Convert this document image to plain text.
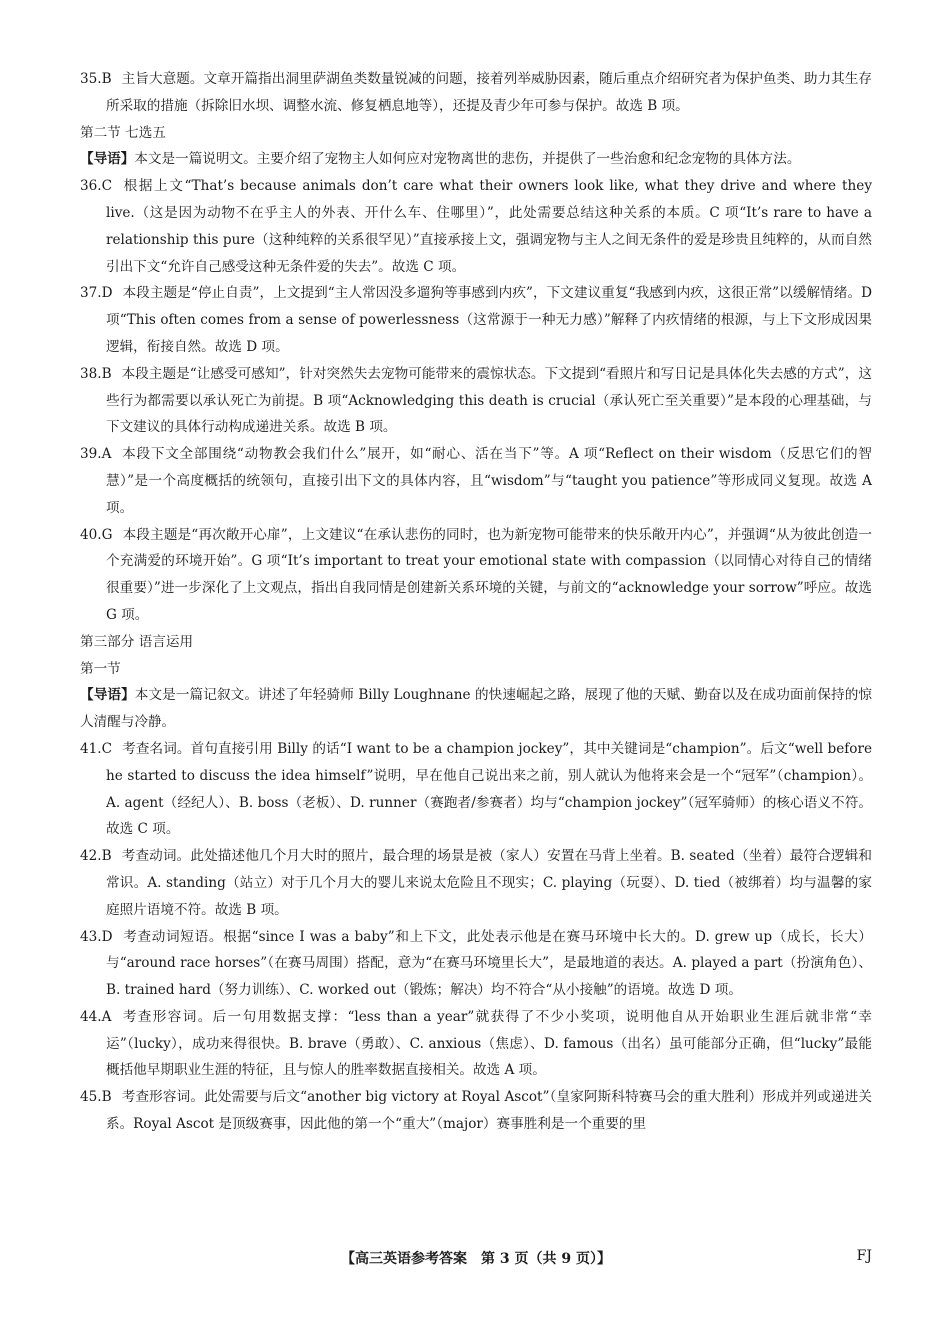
35.B 主旨大意题。文章开篇指出洞里萨湖鱼类数量锐减的问题，接着列举威胁因素，随后重点介绍研究者为保护鱼类、助力其生存所采取的措施（拆除旧水坝、调整水流、修复栖息地等），还提及青少年可参与保护。故选 B 项。

第二节 七选五

【导语】本文是一篇说明文。主要介绍了宠物主人如何应对宠物离世的悲伤，并提供了一些治愈和纪念宠物的具体方法。

36.C 根据上文“That’s because animals don’t care what their owners look like, what they drive and where they live.（这是因为动物不在乎主人的外表、开什么车、住哪里）”，此处需要总结这种关系的本质。C 项“It’s rare to have a relationship this pure（这种纯粹的关系很罕见）”直接承接上文，强调宠物与主人之间无条件的爱是珍贵且纯粹的，从而自然引出下文“允许自己感受这种无条件爱的失去”。故选 C 项。

37.D 本段主题是“停止自责”，上文提到“主人常因没多遛狗等事感到内疚”，下文建议重复“我感到内疚，这很正常”以缓解情绪。D 项“This often comes from a sense of powerlessness（这常源于一种无力感）”解释了内疚情绪的根源，与上下文形成因果逻辑，衔接自然。故选 D 项。

38.B 本段主题是“让感受可感知”，针对突然失去宠物可能带来的震惊状态。下文提到“看照片和写日记是具体化失去感的方式”，这些行为都需要以承认死亡为前提。B 项“Acknowledging this death is crucial（承认死亡至关重要）”是本段的心理基础，与下文建议的具体行动构成递进关系。故选 B 项。

39.A 本段下文全部围绕“动物教会我们什么”展开，如“耐心、活在当下”等。A 项“Reflect on their wisdom（反思它们的智慧）”是一个高度概括的统领句，直接引出下文的具体内容，且“wisdom”与“taught you patience”等形成同义复现。故选 A 项。

40.G 本段主题是“再次敞开心扉”，上文建议“在承认悲伤的同时，也为新宠物可能带来的快乐敞开内心”，并强调“从为彼此创造一个充满爱的环境开始”。G 项“It’s important to treat your emotional state with compassion（以同情心对待自己的情绪很重要）”进一步深化了上文观点，指出自我同情是创建新关系环境的关键，与前文的“acknowledge your sorrow”呼应。故选 G 项。

第三部分 语言运用

第一节

【导语】本文是一篇记叙文。讲述了年轻骑师 Billy Loughnane 的快速崛起之路，展现了他的天赋、勤奋以及在成功面前保持的惊人清醒与冷静。

41.C 考查名词。首句直接引用 Billy 的话“I want to be a champion jockey”，其中关键词是“champion”。后文“well before he started to discuss the idea himself”说明，早在他自己说出来之前，别人就认为他将来会是一个“冠军”（champion）。A. agent（经纪人）、B. boss（老板）、D. runner（赛跑者/参赛者）均与“champion jockey”（冠军骑师）的核心语义不符。故选 C 项。

42.B 考查动词。此处描述他几个月大时的照片，最合理的场景是被（家人）安置在马背上坐着。B. seated（坐着）最符合逻辑和常识。A. standing（站立）对于几个月大的婴儿来说太危险且不现实；C. playing（玩耍）、D. tied（被绑着）均与温馨的家庭照片语境不符。故选 B 项。

43.D 考查动词短语。根据“since I was a baby”和上下文，此处表示他是在赛马环境中长大的。D. grew up（成长，长大）与“around race horses”（在赛马周围）搭配，意为“在赛马环境里长大”，是最地道的表达。A. played a part（扮演角色）、B. trained hard（努力训练）、C. worked out（锻炼；解决）均不符合“从小接触”的语境。故选 D 项。

44.A 考查形容词。后一句用数据支撑：“less than a year”就获得了不少小奖项，说明他自从开始职业生涯后就非常“幸运”（lucky），成功来得很快。B. brave（勇敢）、C. anxious（焦虑）、D. famous（出名）虽可能部分正确，但“lucky”最能概括他早期职业生涯的特征，且与惊人的胜率数据直接相关。故选 A 项。

45.B 考查形容词。此处需要与后文“another big victory at Royal Ascot”（皇家阿斯科特赛马会的重大胜利）形成并列或递进关系。Royal Ascot 是顶级赛事，因此他的第一个“重大”（major）赛事胜利是一个重要的里

【高三英语参考答案　第 3 页（共 9 页）】	FJ
